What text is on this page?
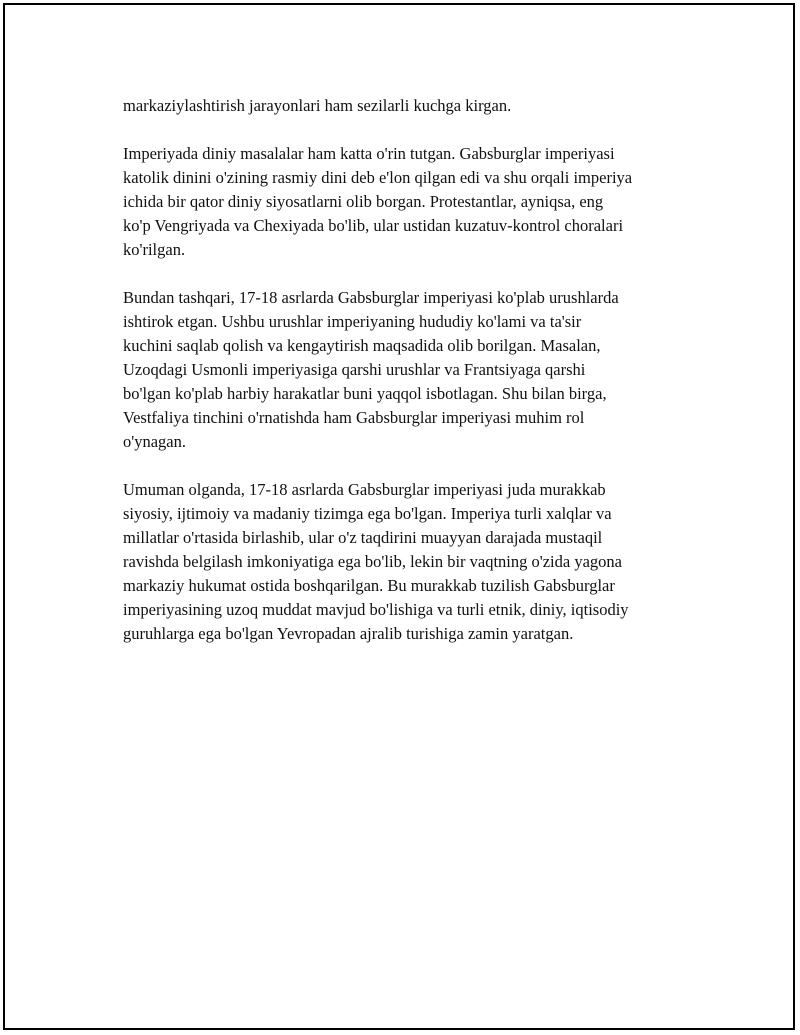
markaziylashtirish jarayonlari ham sezilarli kuchga kirgan.

Imperiyada diniy masalalar ham katta o'rin tutgan. Gabsburglar imperiyasi
katolik dinini o'zining rasmiy dini deb e'lon qilgan edi va shu orqali imperiya
ichida bir qator diniy siyosatlarni olib borgan. Protestantlar, ayniqsa, eng
ko'p Vengriyada va Chexiyada bo'lib, ular ustidan kuzatuv-kontrol choralari
ko'rilgan.

Bundan tashqari, 17-18 asrlarda Gabsburglar imperiyasi ko'plab urushlarda
ishtirok etgan. Ushbu urushlar imperiyaning hududiy ko'lami va ta'sir
kuchini saqlab qolish va kengaytirish maqsadida olib borilgan. Masalan,
Uzoqdagi Usmonli imperiyasiga qarshi urushlar va Frantsiyaga qarshi
bo'lgan ko'plab harbiy harakatlar buni yaqqol isbotlagan. Shu bilan birga,
Vestfaliya tinchini o'rnatishda ham Gabsburglar imperiyasi muhim rol
o'ynagan.

Umuman olganda, 17-18 asrlarda Gabsburglar imperiyasi juda murakkab
siyosiy, ijtimoiy va madaniy tizimga ega bo'lgan. Imperiya turli xalqlar va
millatlar o'rtasida birlashib, ular o'z taqdirini muayyan darajada mustaqil
ravishda belgilash imkoniyatiga ega bo'lib, lekin bir vaqtning o'zida yagona
markaziy hukumat ostida boshqarilgan. Bu murakkab tuzilish Gabsburglar
imperiyasining uzoq muddat mavjud bo'lishiga va turli etnik, diniy, iqtisodiy
guruhlarga ega bo'lgan Yevropadan ajralib turishiga zamin yaratgan.
